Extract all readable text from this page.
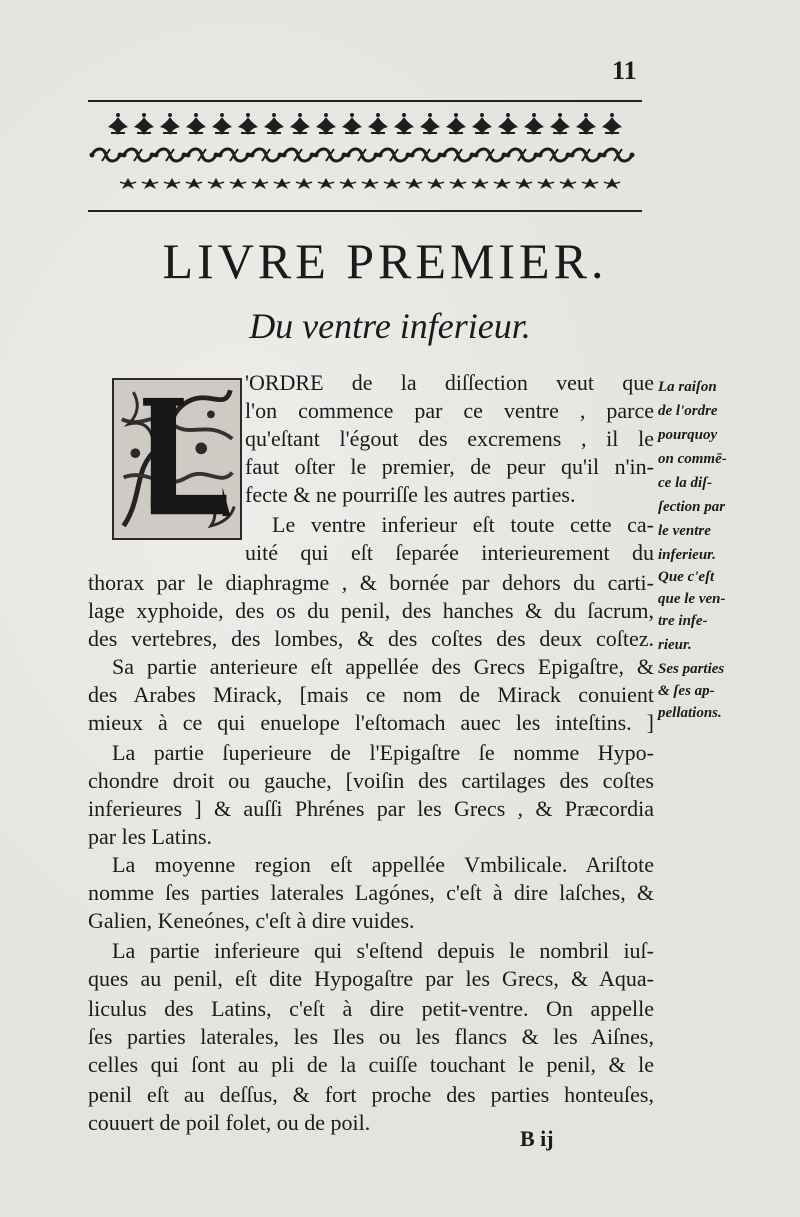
11
LIVRE PREMIER.
Du ventre inferieur.
'ORDRE de la diſſection veut que
l'on commence par ce ventre , parce
qu'eſtant l'égout des excremens , il le
faut oſter le premier, de peur qu'il n'in-
fecte & ne pourriſſe les autres parties.
Le ventre inferieur eſt toute cette ca-
uité qui eſt ſeparée interieurement du
thorax par le diaphragme , & bornée par dehors du carti-
lage xyphoide, des os du penil, des hanches & du ſacrum,
des vertebres, des lombes, & des coſtes des deux coſtez.
Sa partie anterieure eſt appellée des Grecs Epigaſtre, &
des Arabes Mirack, [mais ce nom de Mirack conuient
mieux à ce qui enuelope l'eſtomach auec les inteſtins. ]
La partie ſuperieure de l'Epigaſtre ſe nomme Hypo-
chondre droit ou gauche, [voiſin des cartilages des coſtes
inferieures ] & auſſi Phrénes par les Grecs , & Præcordia
par les Latins.
La moyenne region eſt appellée Vmbilicale. Ariſtote
nomme ſes parties laterales Lagónes, c'eſt à dire laſches, &
Galien, Keneónes, c'eſt à dire vuides.
La partie inferieure qui s'eſtend depuis le nombril iuſ-
ques au penil, eſt dite Hypogaſtre par les Grecs, & Aqua-
liculus des Latins, c'eſt à dire petit-ventre. On appelle
ſes parties laterales, les Iles ou les flancs & les Aiſnes,
celles qui ſont au pli de la cuiſſe touchant le penil, & le
penil eſt au deſſus, & fort proche des parties honteuſes,
couuert de poil folet, ou de poil.
La raiſon
de l'ordre
pourquoy
on commē-
ce la diſ-
ſection par
le ventre
inferieur.
Que c'eſt
que le ven-
tre infe-
rieur.
Ses parties
& ſes ap-
pellations.
B ij
